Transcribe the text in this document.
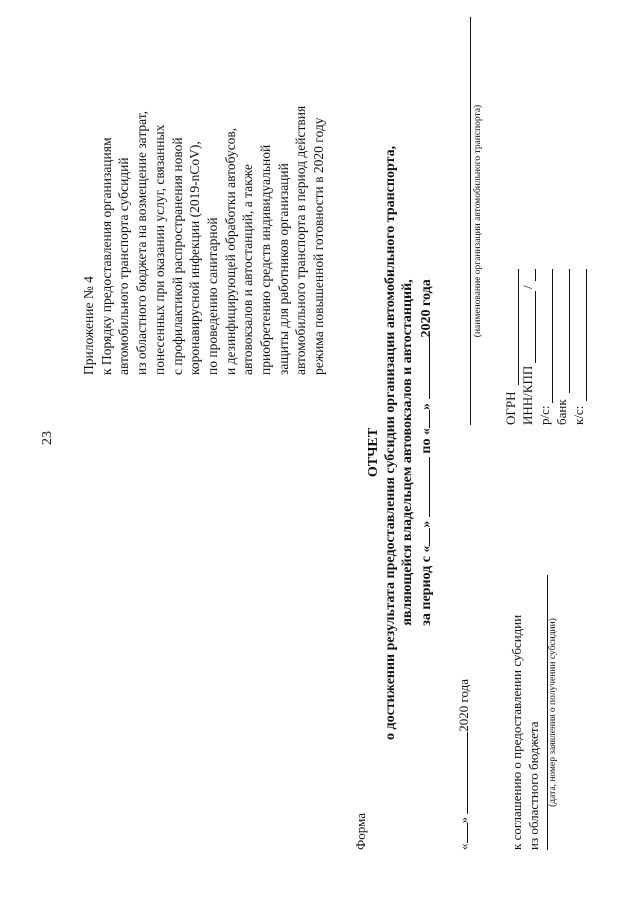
23
Приложение № 4 к Порядку предоставления организациям автомобильного транспорта субсидий из областного бюджета на возмещение затрат, понесенных при оказании услуг, связанных с профилактикой распространения новой коронавирусной инфекции (2019-nCoV), по проведению санитарной и дезинфицирующей обработки автобусов, автовокзалов и автостанций, а также приобретению средств индивидуальной защиты для работников организаций автомобильного транспорта в период действия режима повышенной готовности в 2020 году
Форма
ОТЧЕТ о достижении результата предоставления субсидии организации автомобильного транспорта, являющейся владельцем автовокзалов и автостанций, за период с «»  по «» 2020 года
«» 2020 года
(наименование организации автомобильного транспорта)
к соглашению о предоставлении субсидии из областного бюджета (дата, номер заявления о получении субсидии)
ОГРН ИНН/КПП
/
р/с: банк к/с:
